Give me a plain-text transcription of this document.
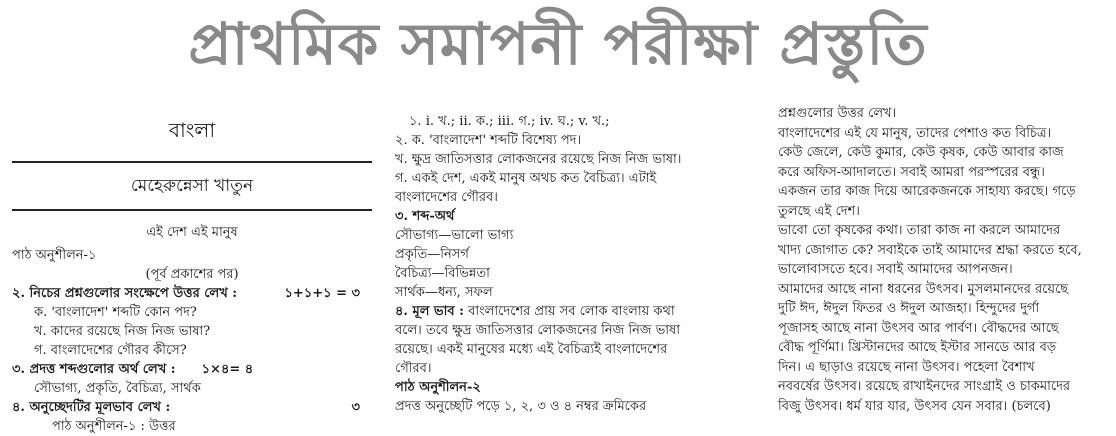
প্রাথমিক সমাপনী পরীক্ষা প্রস্তুতি
বাংলা
মেহেরুন্নেসা খাতুন
এই দেশ এই মানুষ
পাঠ অনুশীলন-১
(পূর্ব প্রকাশের পর)
২. নিচের প্রশ্নগুলোর সংক্ষেপে উত্তর লেখ :	১+১+১ = ৩
ক. 'বাংলাদেশ' শব্দটি কোন পদ?
খ. কাদের রয়েছে নিজ নিজ ভাষা?
গ. বাংলাদেশের গৌরব কীসে?
৩. প্রদত্ত শব্দগুলোর অর্থ লেখ : ১×৪= ৪
সৌভাগ্য, প্রকৃতি, বৈচিত্র্য, সার্থক
৪. অনুচ্ছেদটির মূলভাব লেখ :	৩
পাঠ অনুশীলন-১ : উত্তর
১. i. খ.; ii. ক.; iii. গ.; iv. ঘ.; v. খ.;
২. ক. 'বাংলাদেশ' শব্দটি বিশেষ্য পদ।
খ. ক্ষুদ্র জাতিসত্তার লোকজনের রয়েছে নিজ নিজ ভাষা।
গ. একই দেশ, একই মানুষ অথচ কত বৈচিত্র্য। এটাই
বাংলাদেশের গৌরব।
৩. শব্দ-অর্থ
সৌভাগ্য—ভালো ভাগ্য
প্রকৃতি—নিসর্গ
বৈচিত্র্য—বিভিন্নতা
সার্থক—ধন্য, সফল
৪. মূল ভাব : বাংলাদেশের প্রায় সব লোক বাংলায় কথা
বলে। তবে ক্ষুদ্র জাতিসত্তার লোকজনের নিজ নিজ ভাষা
রয়েছে। একই মানুষের মধ্যে এই বৈচিত্র্যই বাংলাদেশের
গৌরব।
পাঠ অনুশীলন-২
প্রদত্ত অনুচ্ছেটি পড়ে ১, ২, ৩ ও ৪ নম্বর ক্রমিকের
প্রশ্নগুলোর উত্তর লেখ।
বাংলাদেশের এই যে মানুষ, তাদের পেশাও কত বিচিত্র।
কেউ জেলে, কেউ কুমার, কেউ কৃষক, কেউ আবার কাজ
করে অফিস-আদালতে। সবাই আমরা পরস্পরের বন্ধু।
একজন তার কাজ দিয়ে আরেকজনকে সাহায্য করছে। গড়ে
তুলছে এই দেশ।
ভাবো তো কৃষকের কথা। তারা কাজ না করলে আমাদের
খাদ্য জোগাত কে? সবাইকে তাই আমাদের শ্রদ্ধা করতে হবে,
ভালোবাসতে হবে। সবাই আমাদের আপনজন।
আমাদের আছে নানা ধরনের উৎসব। মুসলমানদের রয়েছে
দুটি ঈদ, ঈদুল ফিতর ও ঈদুল আজহা। হিন্দুদের দুর্গা
পূজাসহ আছে নানা উৎসব আর পার্বণ। বৌদ্ধদের আছে
বৌদ্ধ পূর্ণিমা। খ্রিস্টানদের আছে ইস্টার সানডে আর বড়
দিন। এ ছাড়াও রয়েছে নানা উৎসব। পহেলা বৈশাখ
নববর্ষের উৎসব। রয়েছে রাখাইনদের সাংগ্রাই ও চাকমাদের
বিজু উৎসব। ধর্ম যার যার, উৎসব যেন সবার। (চলবে)
